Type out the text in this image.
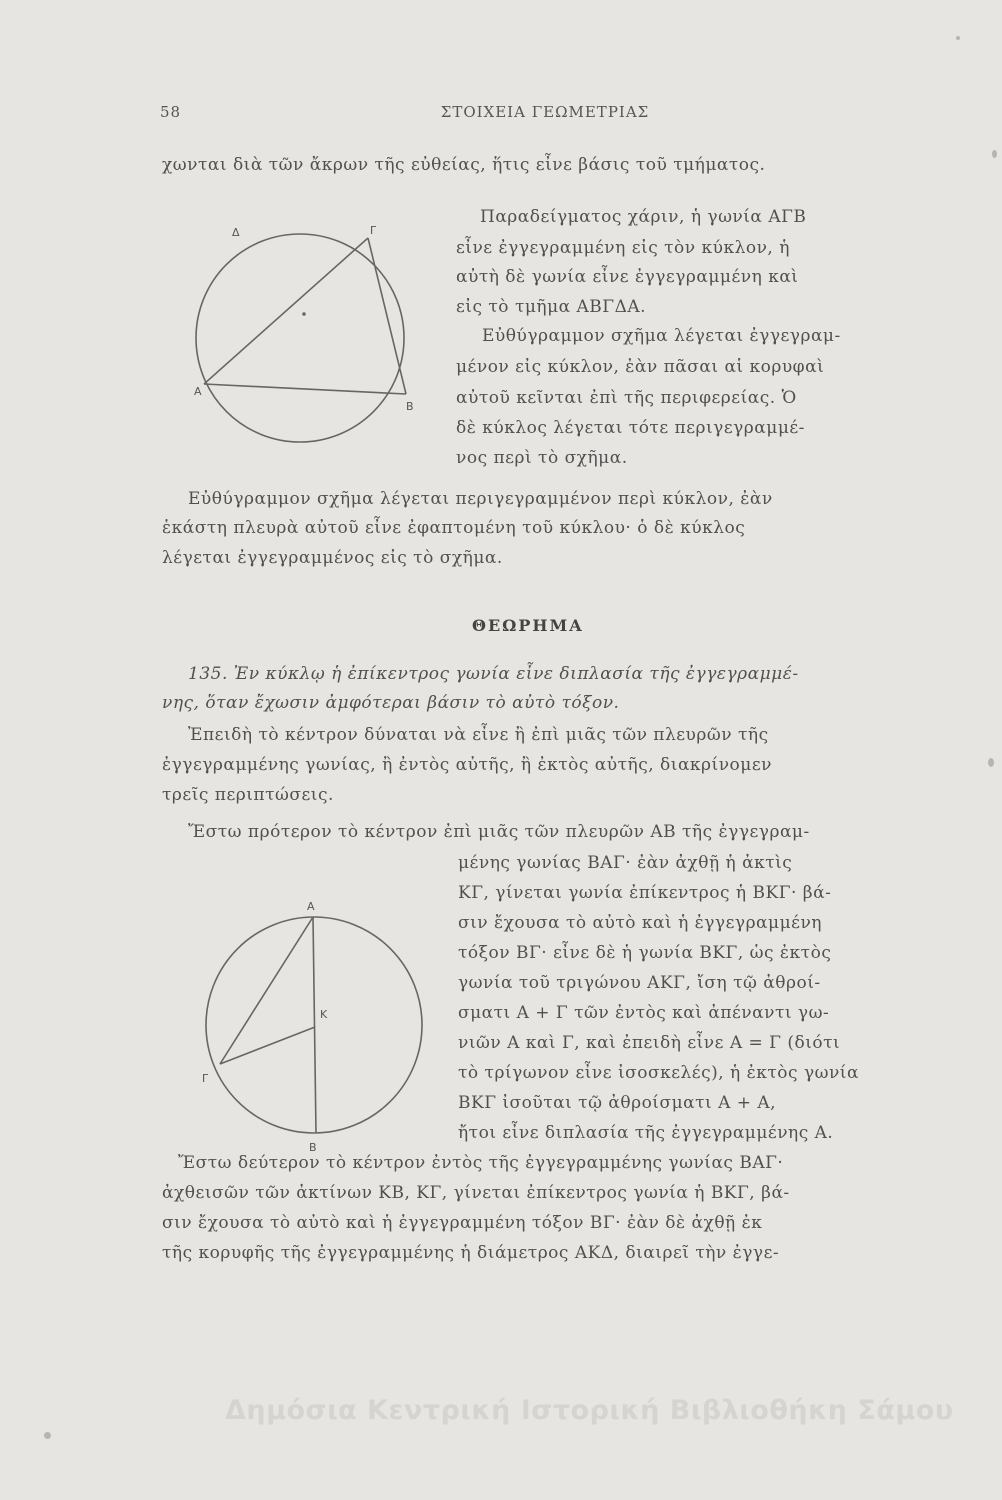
58	ΣΤΟΙΧΕΙΑ ΓΕΩΜΕΤΡΙΑΣ
Δ	Γ
Α
Β
Α
Κ
Γ
Β
χωνται διὰ τῶν ἄκρων τῆς εὐθείας, ἥτις εἶνε βάσις τοῦ τμήματος.
Παραδείγματος χάριν, ἡ γωνία ΑΓΒ
εἶνε ἐγγεγραμμένη εἰς τὸν κύκλον, ἡ
αὐτὴ δὲ γωνία εἶνε ἐγγεγραμμένη καὶ
εἰς τὸ τμῆμα ΑΒΓΔΑ.
Εὐθύγραμμον σχῆμα λέγεται ἐγγεγραμ-
μένον εἰς κύκλον, ἐὰν πᾶσαι αἱ κορυφαὶ
αὐτοῦ κεῖνται ἐπὶ τῆς περιφερείας. Ὁ
δὲ κύκλος λέγεται τότε περιγεγραμμέ-
νος περὶ τὸ σχῆμα.
Εὐθύγραμμον σχῆμα λέγεται περιγεγραμμένον περὶ κύκλον, ἐὰν
ἑκάστη πλευρὰ αὐτοῦ εἶνε ἐφαπτομένη τοῦ κύκλου· ὁ δὲ κύκλος
λέγεται ἐγγεγραμμένος εἰς τὸ σχῆμα.
ΘΕΩΡΗΜΑ
135. Ἐν κύκλῳ ἡ ἐπίκεντρος γωνία εἶνε διπλασία τῆς ἐγγεγραμμέ-
νης, ὅταν ἔχωσιν ἀμφότεραι βάσιν τὸ αὐτὸ τόξον.
Ἐπειδὴ τὸ κέντρον δύναται νὰ εἶνε ἢ ἐπὶ μιᾶς τῶν πλευρῶν τῆς
ἐγγεγραμμένης γωνίας, ἢ ἐντὸς αὐτῆς, ἢ ἐκτὸς αὐτῆς, διακρίνομεν
τρεῖς περιπτώσεις.
Ἔστω πρότερον τὸ κέντρον ἐπὶ μιᾶς τῶν πλευρῶν ΑΒ τῆς ἐγγεγραμ-
μένης γωνίας ΒΑΓ· ἐὰν ἀχθῇ ἡ ἀκτὶς
ΚΓ, γίνεται γωνία ἐπίκεντρος ἡ ΒΚΓ· βά-
σιν ἔχουσα τὸ αὐτὸ καὶ ἡ ἐγγεγραμμένη
τόξον ΒΓ· εἶνε δὲ ἡ γωνία ΒΚΓ, ὡς ἐκτὸς
γωνία τοῦ τριγώνου ΑΚΓ, ἴση τῷ ἀθροί-
σματι Α + Γ τῶν ἐντὸς καὶ ἀπέναντι γω-
νιῶν Α καὶ Γ, καὶ ἐπειδὴ εἶνε Α = Γ (διότι
τὸ τρίγωνον εἶνε ἰσοσκελές), ἡ ἐκτὸς γωνία
ΒΚΓ ἰσοῦται τῷ ἀθροίσματι Α + Α,
ἤτοι εἶνε διπλασία τῆς ἐγγεγραμμένης Α.
Ἔστω δεύτερον τὸ κέντρον ἐντὸς τῆς ἐγγεγραμμένης γωνίας ΒΑΓ·
ἀχθεισῶν τῶν ἀκτίνων ΚΒ, ΚΓ, γίνεται ἐπίκεντρος γωνία ἡ ΒΚΓ, βά-
σιν ἔχουσα τὸ αὐτὸ καὶ ἡ ἐγγεγραμμένη τόξον ΒΓ· ἐὰν δὲ ἀχθῇ ἐκ
τῆς κορυφῆς τῆς ἐγγεγραμμένης ἡ διάμετρος ΑΚΔ, διαιρεῖ τὴν ἐγγε-
Δημόσια Κεντρική Ιστορική Βιβλιοθήκη Σάμου
